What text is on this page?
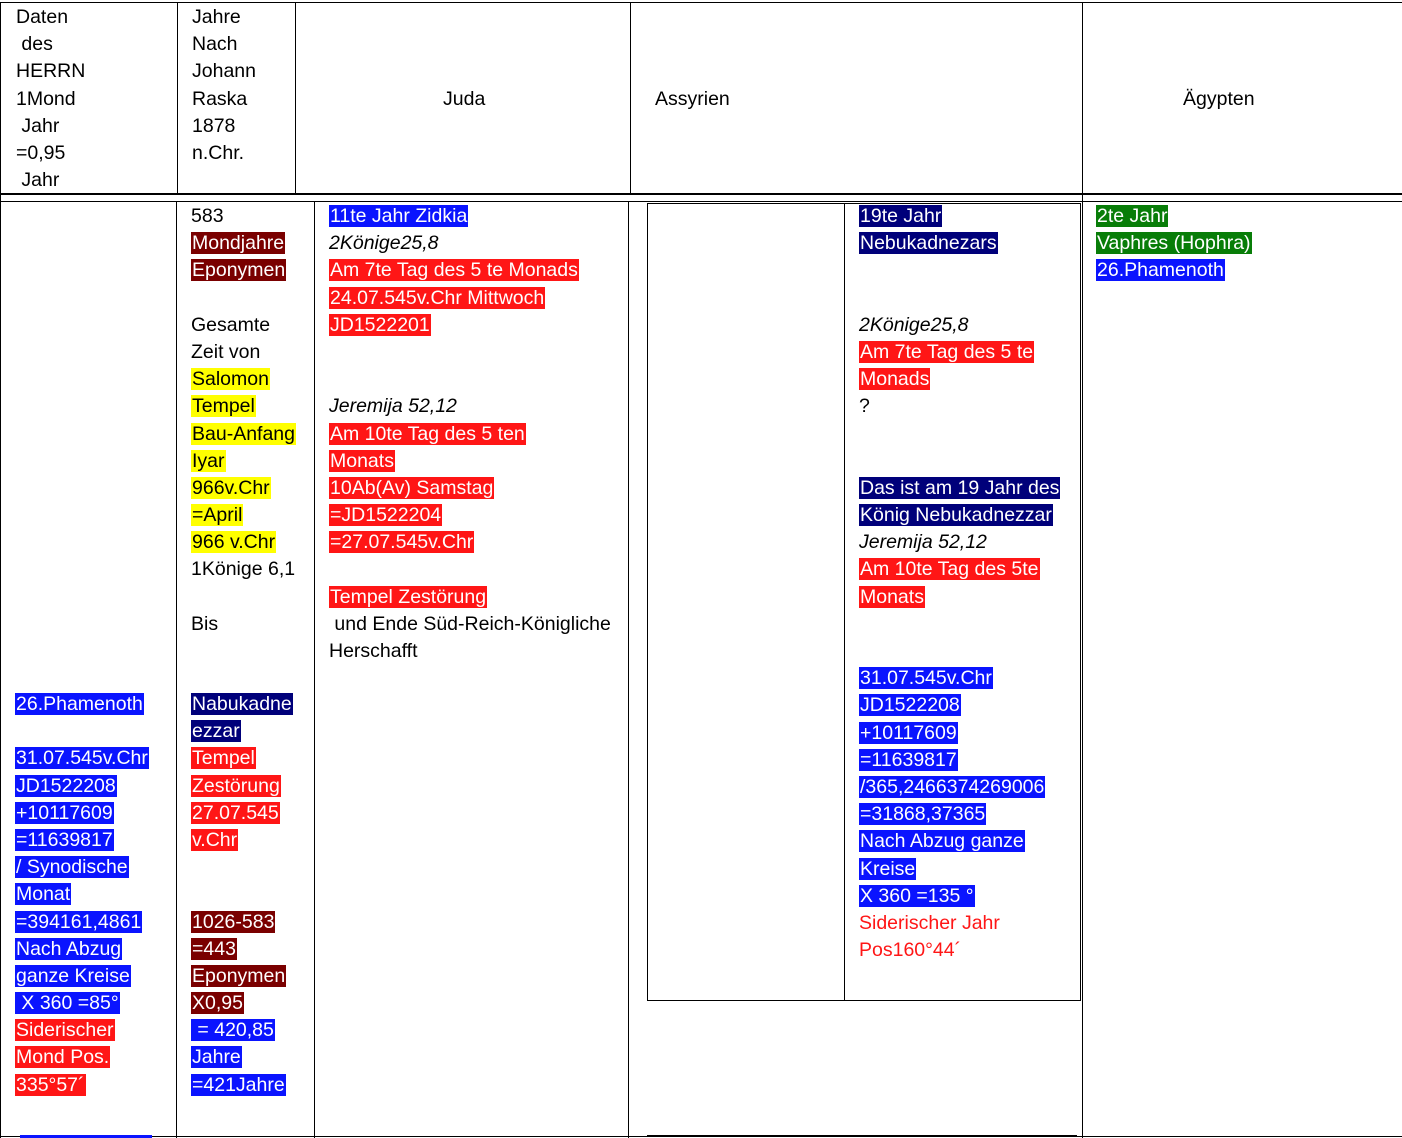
Daten
des
HERRN
1Mond
Jahr
=0,95
Jahr
Jahre
Nach
Johann
Raska
1878
n.Chr.
Juda	Assyrien	Ägypten
26.Phamenoth
31.07.545v.Chr
JD1522208
+10117609
=11639817
/ Synodische
Monat
=394161,4861
Nach Abzug
ganze Kreise
X 360 =85°
Siderischer
Mond Pos.
335°57´
583
Mondjahre
Eponymen
Gesamte
Zeit von
Salomon
Tempel
Bau-Anfang
Iyar
966v.Chr
=April
966 v.Chr
1Könige 6,1
Bis
Nabukadne
ezzar
Tempel
Zestörung
27.07.545
v.Chr
1026-583
=443
Eponymen
X0,95
= 420,85
Jahre
=421Jahre
11te Jahr Zidkia
2Könige25,8
Am 7te Tag des 5 te Monads
24.07.545v.Chr Mittwoch
JD1522201
Jeremija 52,12
Am 10te Tag des 5 ten
Monats
10Ab(Av) Samstag
=JD1522204
=27.07.545v.Chr
Tempel Zestörung
und Ende Süd-Reich-Königliche
Herschafft
19te Jahr
Nebukadnezars
2Könige25,8
Am 7te Tag des 5 te
Monads
?
Das ist am 19 Jahr des
König Nebukadnezzar
Jeremija 52,12
Am 10te Tag des 5te
Monats
31.07.545v.Chr
JD1522208
+10117609
=11639817
/365,2466374269006
=31868,37365
Nach Abzug ganze
Kreise
X 360 =135 °
Siderischer Jahr
Pos160°44´
2te Jahr
Vaphres (Hophra)
26.Phamenoth
